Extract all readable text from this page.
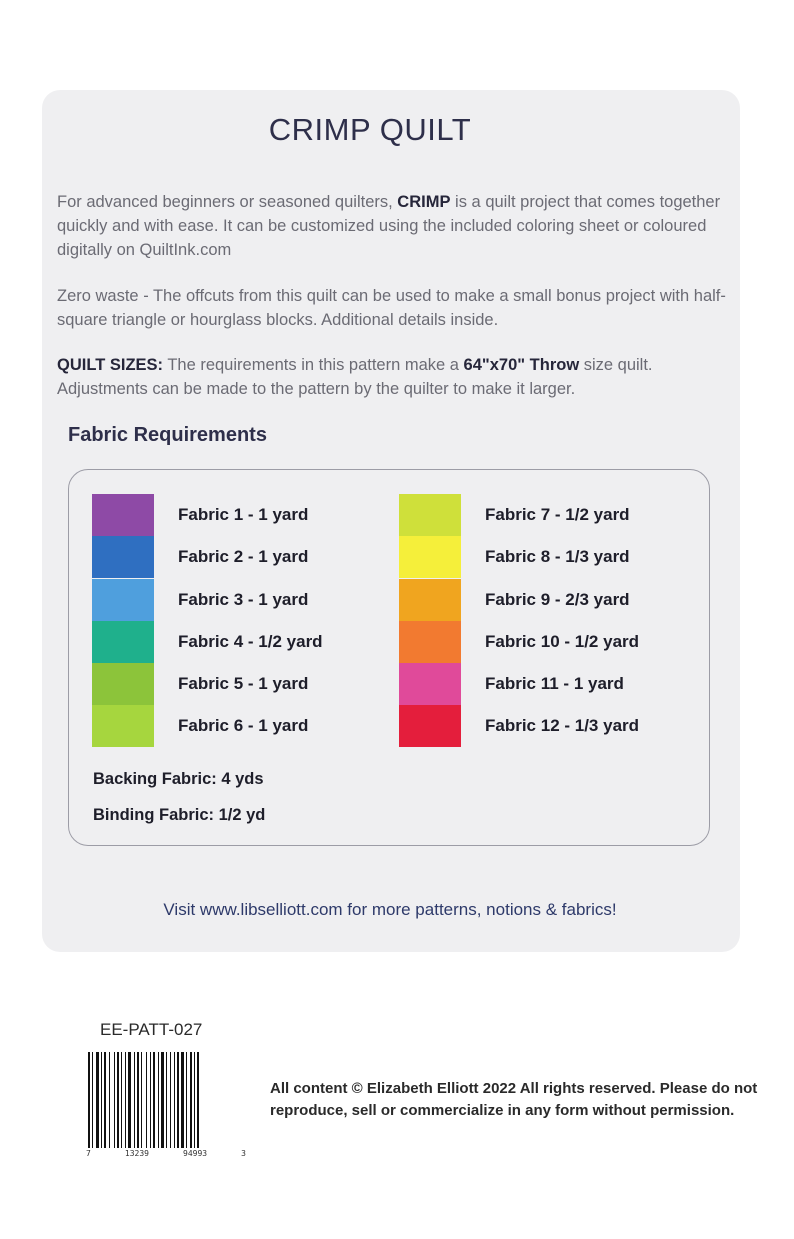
CRIMP QUILT
For advanced beginners or seasoned quilters, CRIMP is a quilt project that comes together quickly and with ease. It can be customized using the included coloring sheet or coloured digitally on QuiltInk.com
Zero waste - The offcuts from this quilt can be used to make a small bonus project with half-square triangle or hourglass blocks. Additional details inside.
QUILT SIZES: The requirements in this pattern make a 64"x70" Throw size quilt. Adjustments can be made to the pattern by the quilter to make it larger.
Fabric Requirements
Fabric 1 - 1 yard
Fabric 2 - 1 yard
Fabric 3 - 1 yard
Fabric 4 - 1/2 yard
Fabric 5 - 1 yard
Fabric 6 - 1 yard
Fabric 7 - 1/2 yard
Fabric 8 - 1/3 yard
Fabric 9 - 2/3 yard
Fabric 10 - 1/2 yard
Fabric 11 - 1 yard
Fabric 12 - 1/3 yard
Backing Fabric: 4 yds
Binding Fabric: 1/2 yd
Visit www.libselliott.com for more patterns, notions & fabrics!
EE-PATT-027
7	13239	94993	3
All content © Elizabeth Elliott 2022 All rights reserved. Please do not reproduce, sell or commercialize in any form without permission.
